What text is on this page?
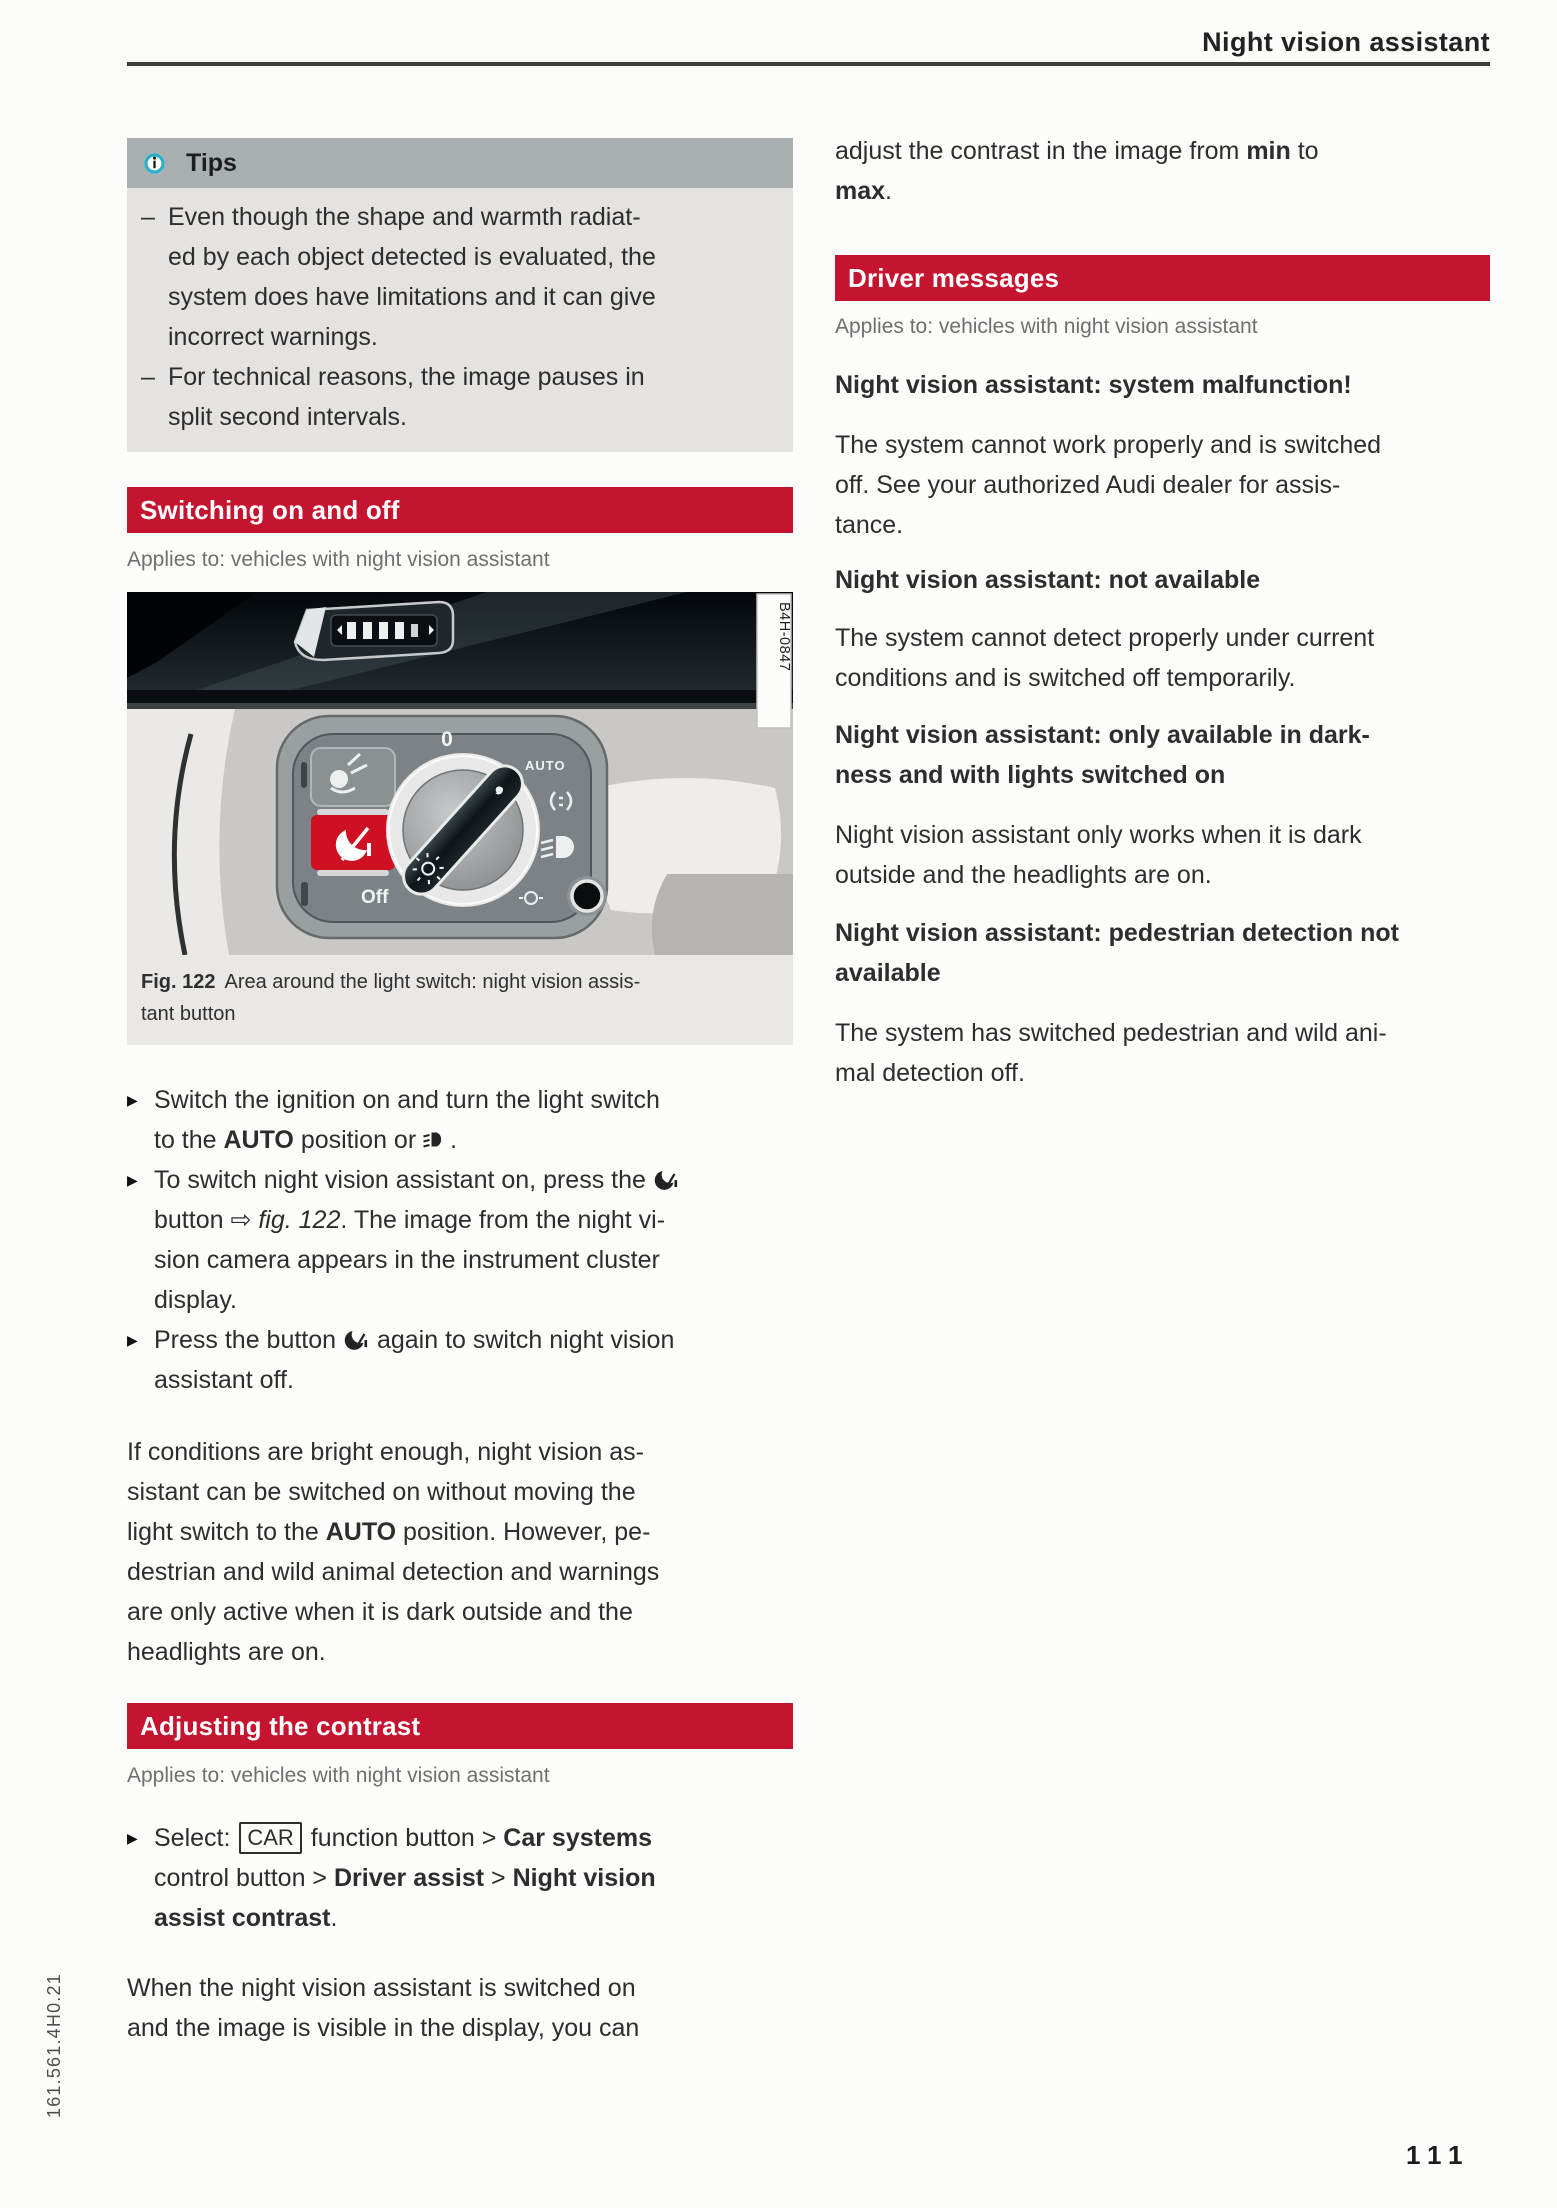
Night vision assistant
Tips
– Even though the shape and warmth radiat-
ed by each object detected is evaluated, the
system does have limitations and it can give
incorrect warnings.
– For technical reasons, the image pauses in
split second intervals.
Switching on and off
Applies to: vehicles with night vision assistant
Off
0
AUTO
B4H-0847
Fig. 122 Area around the light switch: night vision assis-
tant button
▶ Switch the ignition on and turn the light switch
to the AUTO position or .
▶ To switch night vision assistant on, press the
button ⇨ fig. 122. The image from the night vi-
sion camera appears in the instrument cluster
display.
▶ Press the button  again to switch night vision
assistant off.
If conditions are bright enough, night vision as-
sistant can be switched on without moving the
light switch to the AUTO position. However, pe-
destrian and wild animal detection and warnings
are only active when it is dark outside and the
headlights are on.
Adjusting the contrast
Applies to: vehicles with night vision assistant
▶ Select: CAR function button > Car systems
control button > Driver assist > Night vision
assist contrast.
When the night vision assistant is switched on
and the image is visible in the display, you can
adjust the contrast in the image from min to
max.
Driver messages
Applies to: vehicles with night vision assistant
Night vision assistant: system malfunction!
The system cannot work properly and is switched
off. See your authorized Audi dealer for assis-
tance.
Night vision assistant: not available
The system cannot detect properly under current
conditions and is switched off temporarily.
Night vision assistant: only available in dark-
ness and with lights switched on
Night vision assistant only works when it is dark
outside and the headlights are on.
Night vision assistant: pedestrian detection not
available
The system has switched pedestrian and wild ani-
mal detection off.
161.561.4H0.21
111
